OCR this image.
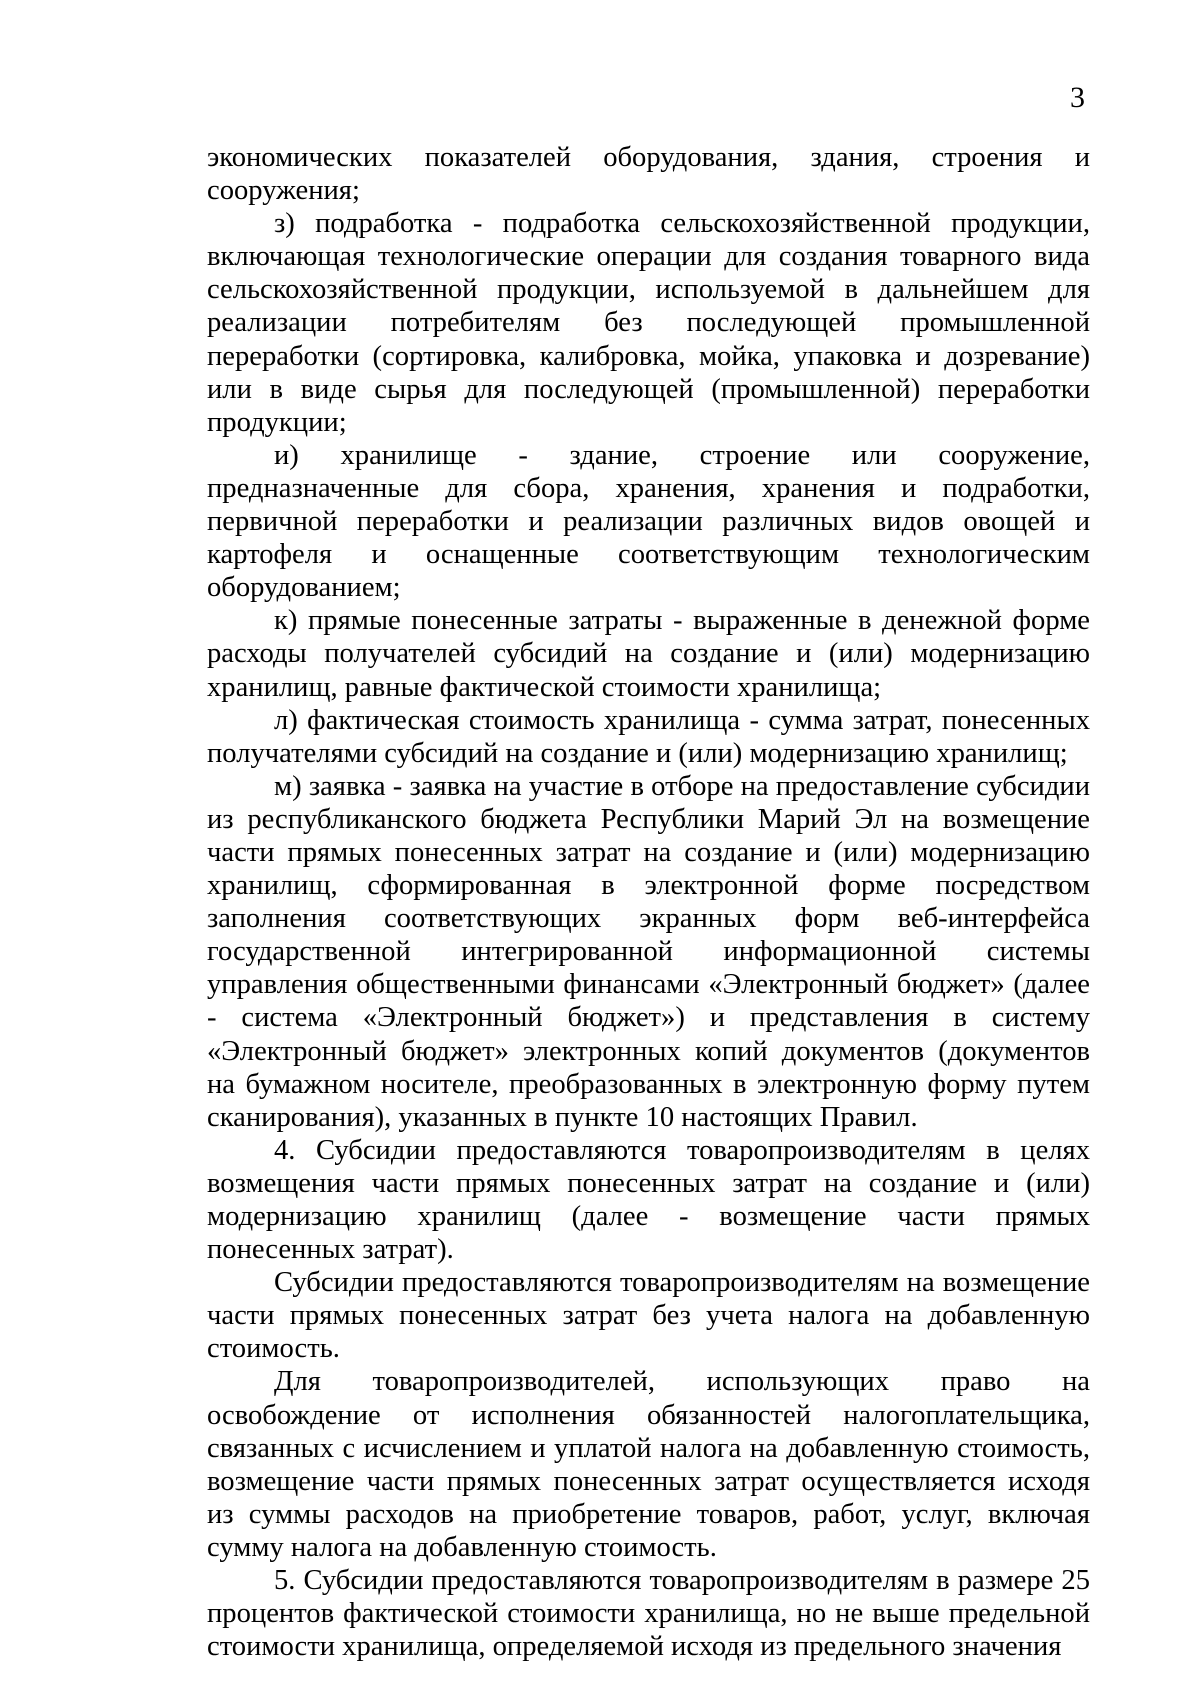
3

экономических показателей оборудования, здания, строения и сооружения;

з) подработка - подработка сельскохозяйственной продукции, включающая технологические операции для создания товарного вида сельскохозяйственной продукции, используемой в дальнейшем для реализации потребителям без последующей промышленной переработки (сортировка, калибровка, мойка, упаковка и дозревание) или в виде сырья для последующей (промышленной) переработки продукции;

и) хранилище - здание, строение или сооружение, предназначенные для сбора, хранения, хранения и подработки, первичной переработки и реализации различных видов овощей и картофеля и оснащенные соответствующим технологическим оборудованием;

к) прямые понесенные затраты - выраженные в денежной форме расходы получателей субсидий на создание и (или) модернизацию хранилищ, равные фактической стоимости хранилища;

л) фактическая стоимость хранилища - сумма затрат, понесенных получателями субсидий на создание и (или) модернизацию хранилищ;

м) заявка - заявка на участие в отборе на предоставление субсидии из республиканского бюджета Республики Марий Эл на возмещение части прямых понесенных затрат на создание и (или) модернизацию хранилищ, сформированная в электронной форме посредством заполнения соответствующих экранных форм веб-интерфейса государственной интегрированной информационной системы управления общественными финансами «Электронный бюджет» (далее - система «Электронный бюджет») и представления в систему «Электронный бюджет» электронных копий документов (документов на бумажном носителе, преобразованных в электронную форму путем сканирования), указанных в пункте 10 настоящих Правил.

4. Субсидии предоставляются товаропроизводителям в целях возмещения части прямых понесенных затрат на создание и (или) модернизацию хранилищ (далее - возмещение части прямых понесенных затрат).

Субсидии предоставляются товаропроизводителям на возмещение части прямых понесенных затрат без учета налога на добавленную стоимость.

Для товаропроизводителей, использующих право на освобождение от исполнения обязанностей налогоплательщика, связанных с исчислением и уплатой налога на добавленную стоимость, возмещение части прямых понесенных затрат осуществляется исходя из суммы расходов на приобретение товаров, работ, услуг, включая сумму налога на добавленную стоимость.

5. Субсидии предоставляются товаропроизводителям в размере 25 процентов фактической стоимости хранилища, но не выше предельной стоимости хранилища, определяемой исходя из предельного значения
